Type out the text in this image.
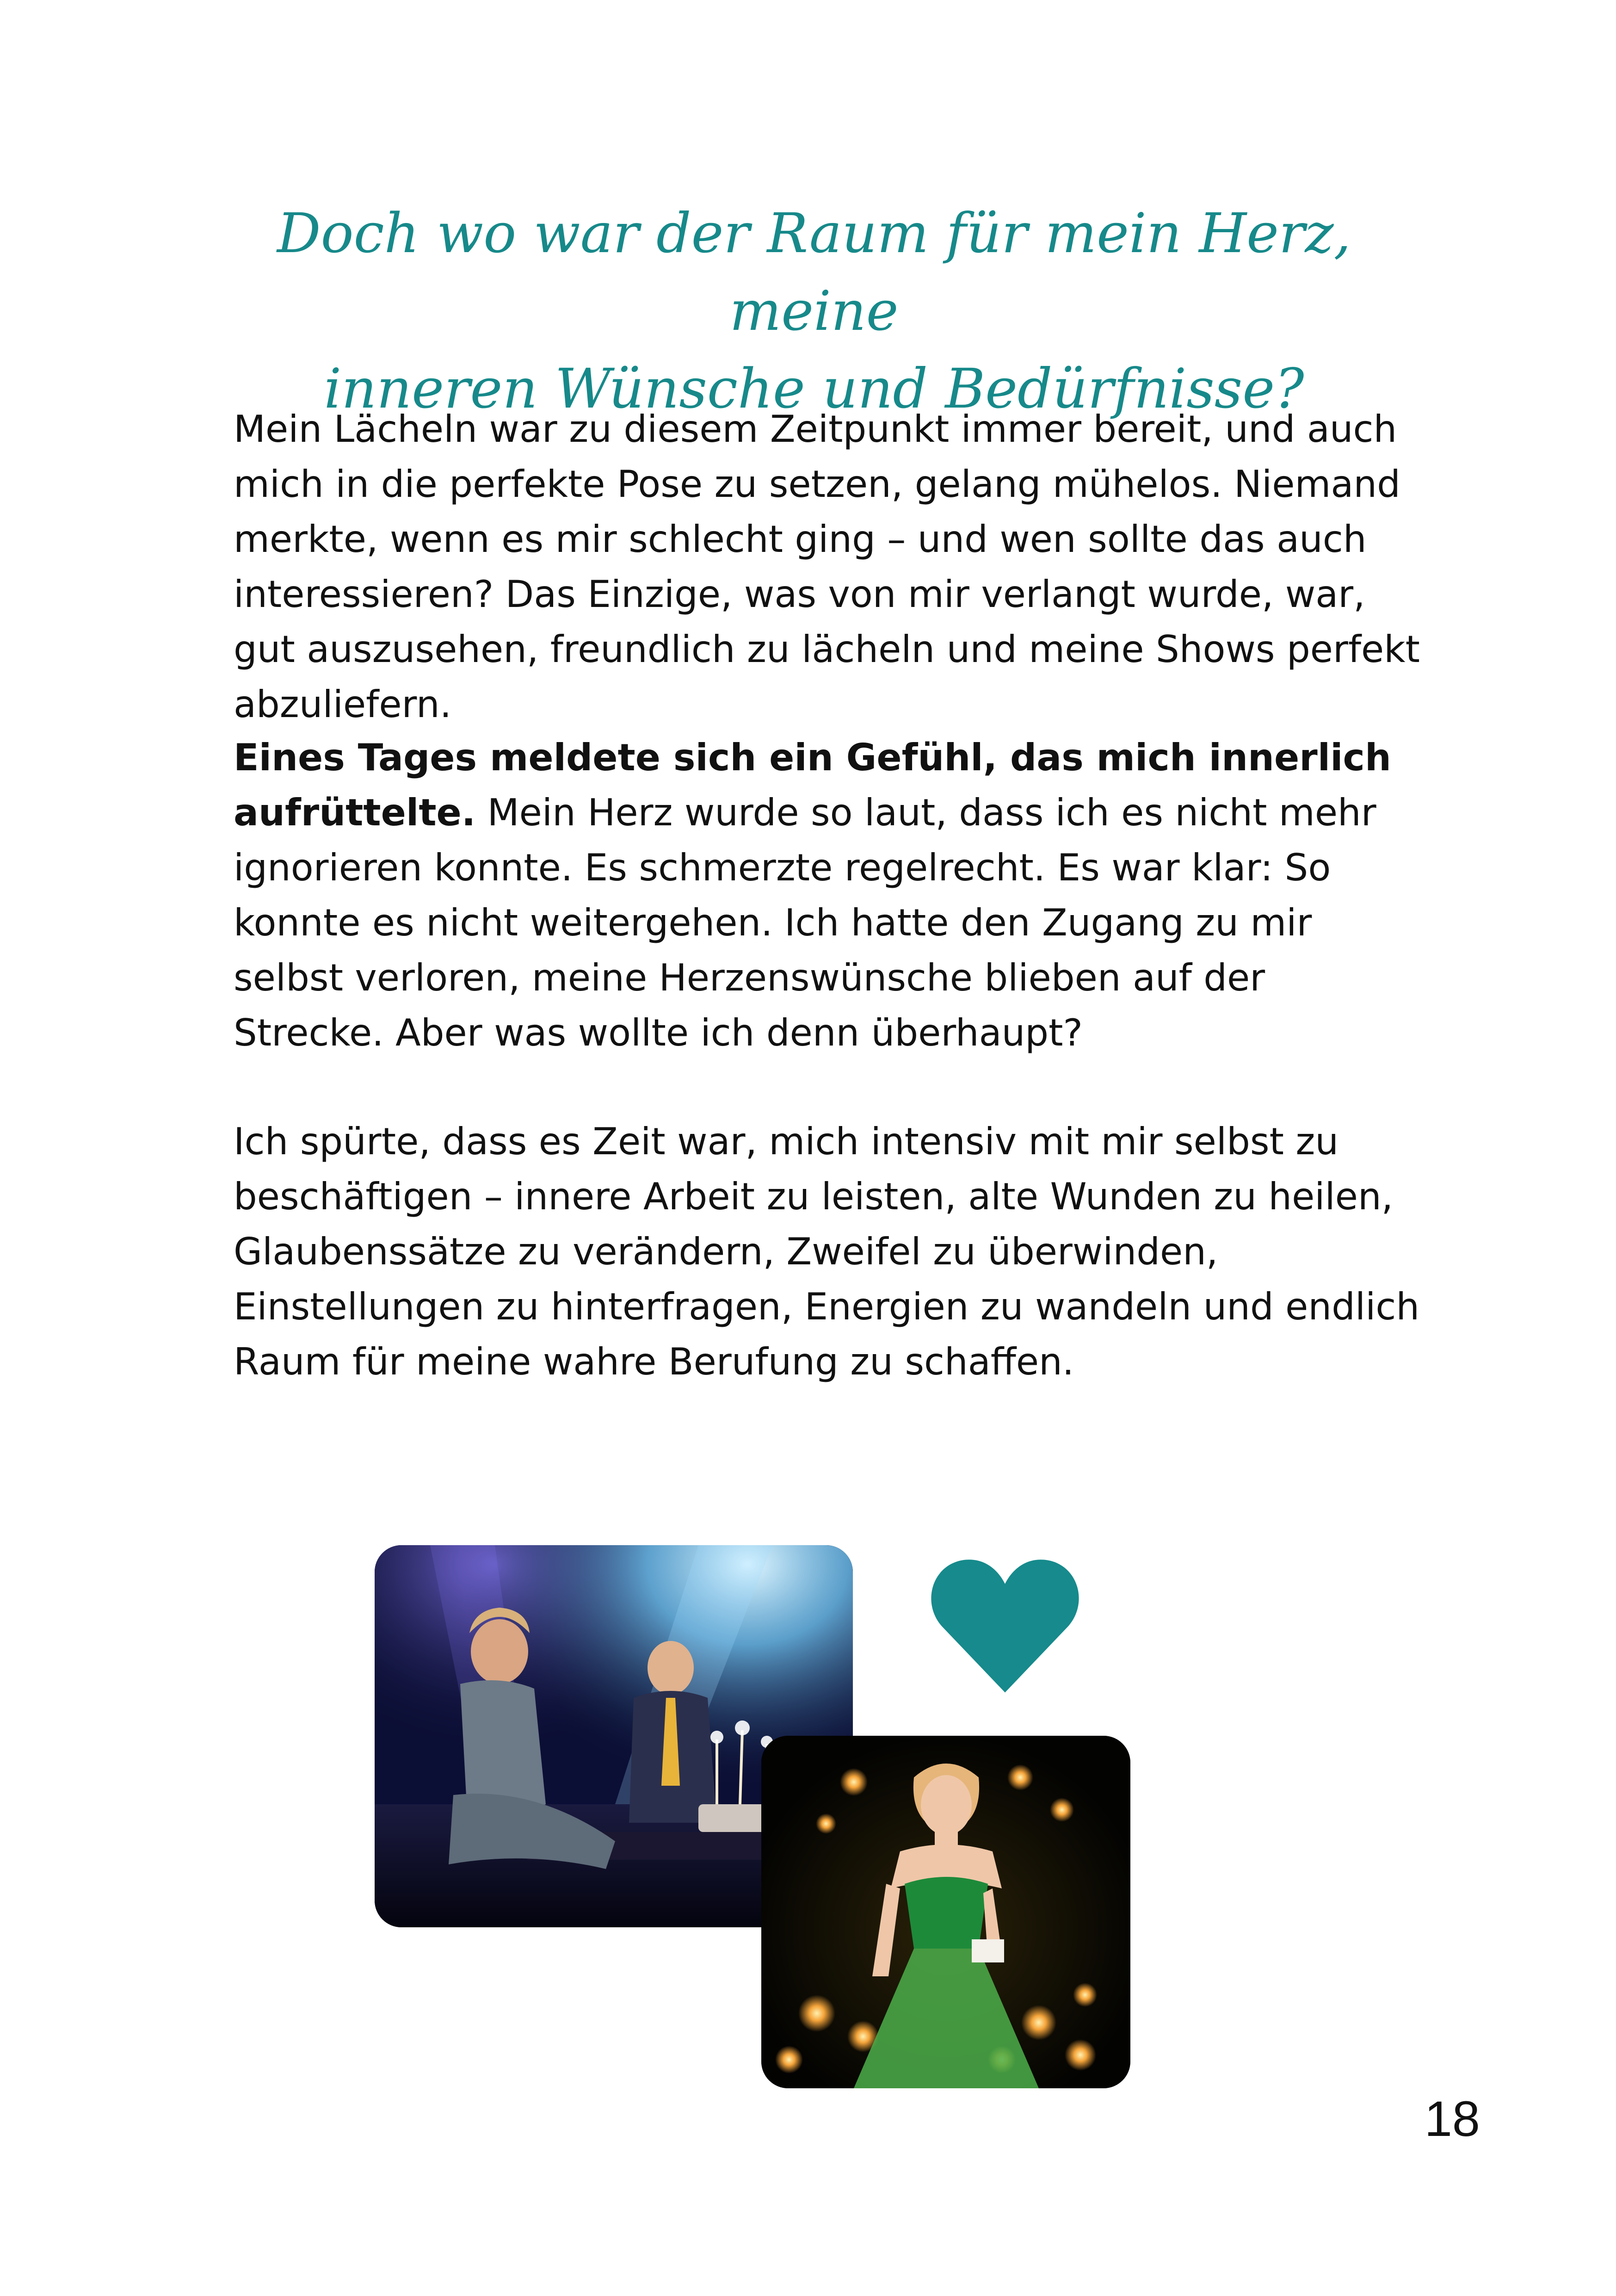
Doch wo war der Raum für mein Herz, meine
inneren Wünsche und Bedürfnisse?

Mein Lächeln war zu diesem Zeitpunkt immer bereit, und auch mich in die perfekte Pose zu setzen, gelang mühelos. Niemand merkte, wenn es mir schlecht ging – und wen sollte das auch interessieren? Das Einzige, was von mir verlangt wurde, war, gut auszusehen, freundlich zu lächeln und meine Shows perfekt abzuliefern.

Eines Tages meldete sich ein Gefühl, das mich innerlich aufrüttelte. Mein Herz wurde so laut, dass ich es nicht mehr ignorieren konnte. Es schmerzte regelrecht. Es war klar: So konnte es nicht weitergehen. Ich hatte den Zugang zu mir selbst verloren, meine Herzenswünsche blieben auf der Strecke. Aber was wollte ich denn überhaupt?

Ich spürte, dass es Zeit war, mich intensiv mit mir selbst zu beschäftigen – innere Arbeit zu leisten, alte Wunden zu heilen, Glaubenssätze zu verändern, Zweifel zu überwinden, Einstellungen zu hinterfragen, Energien zu wandeln und endlich Raum für meine wahre Berufung zu schaffen.

18
